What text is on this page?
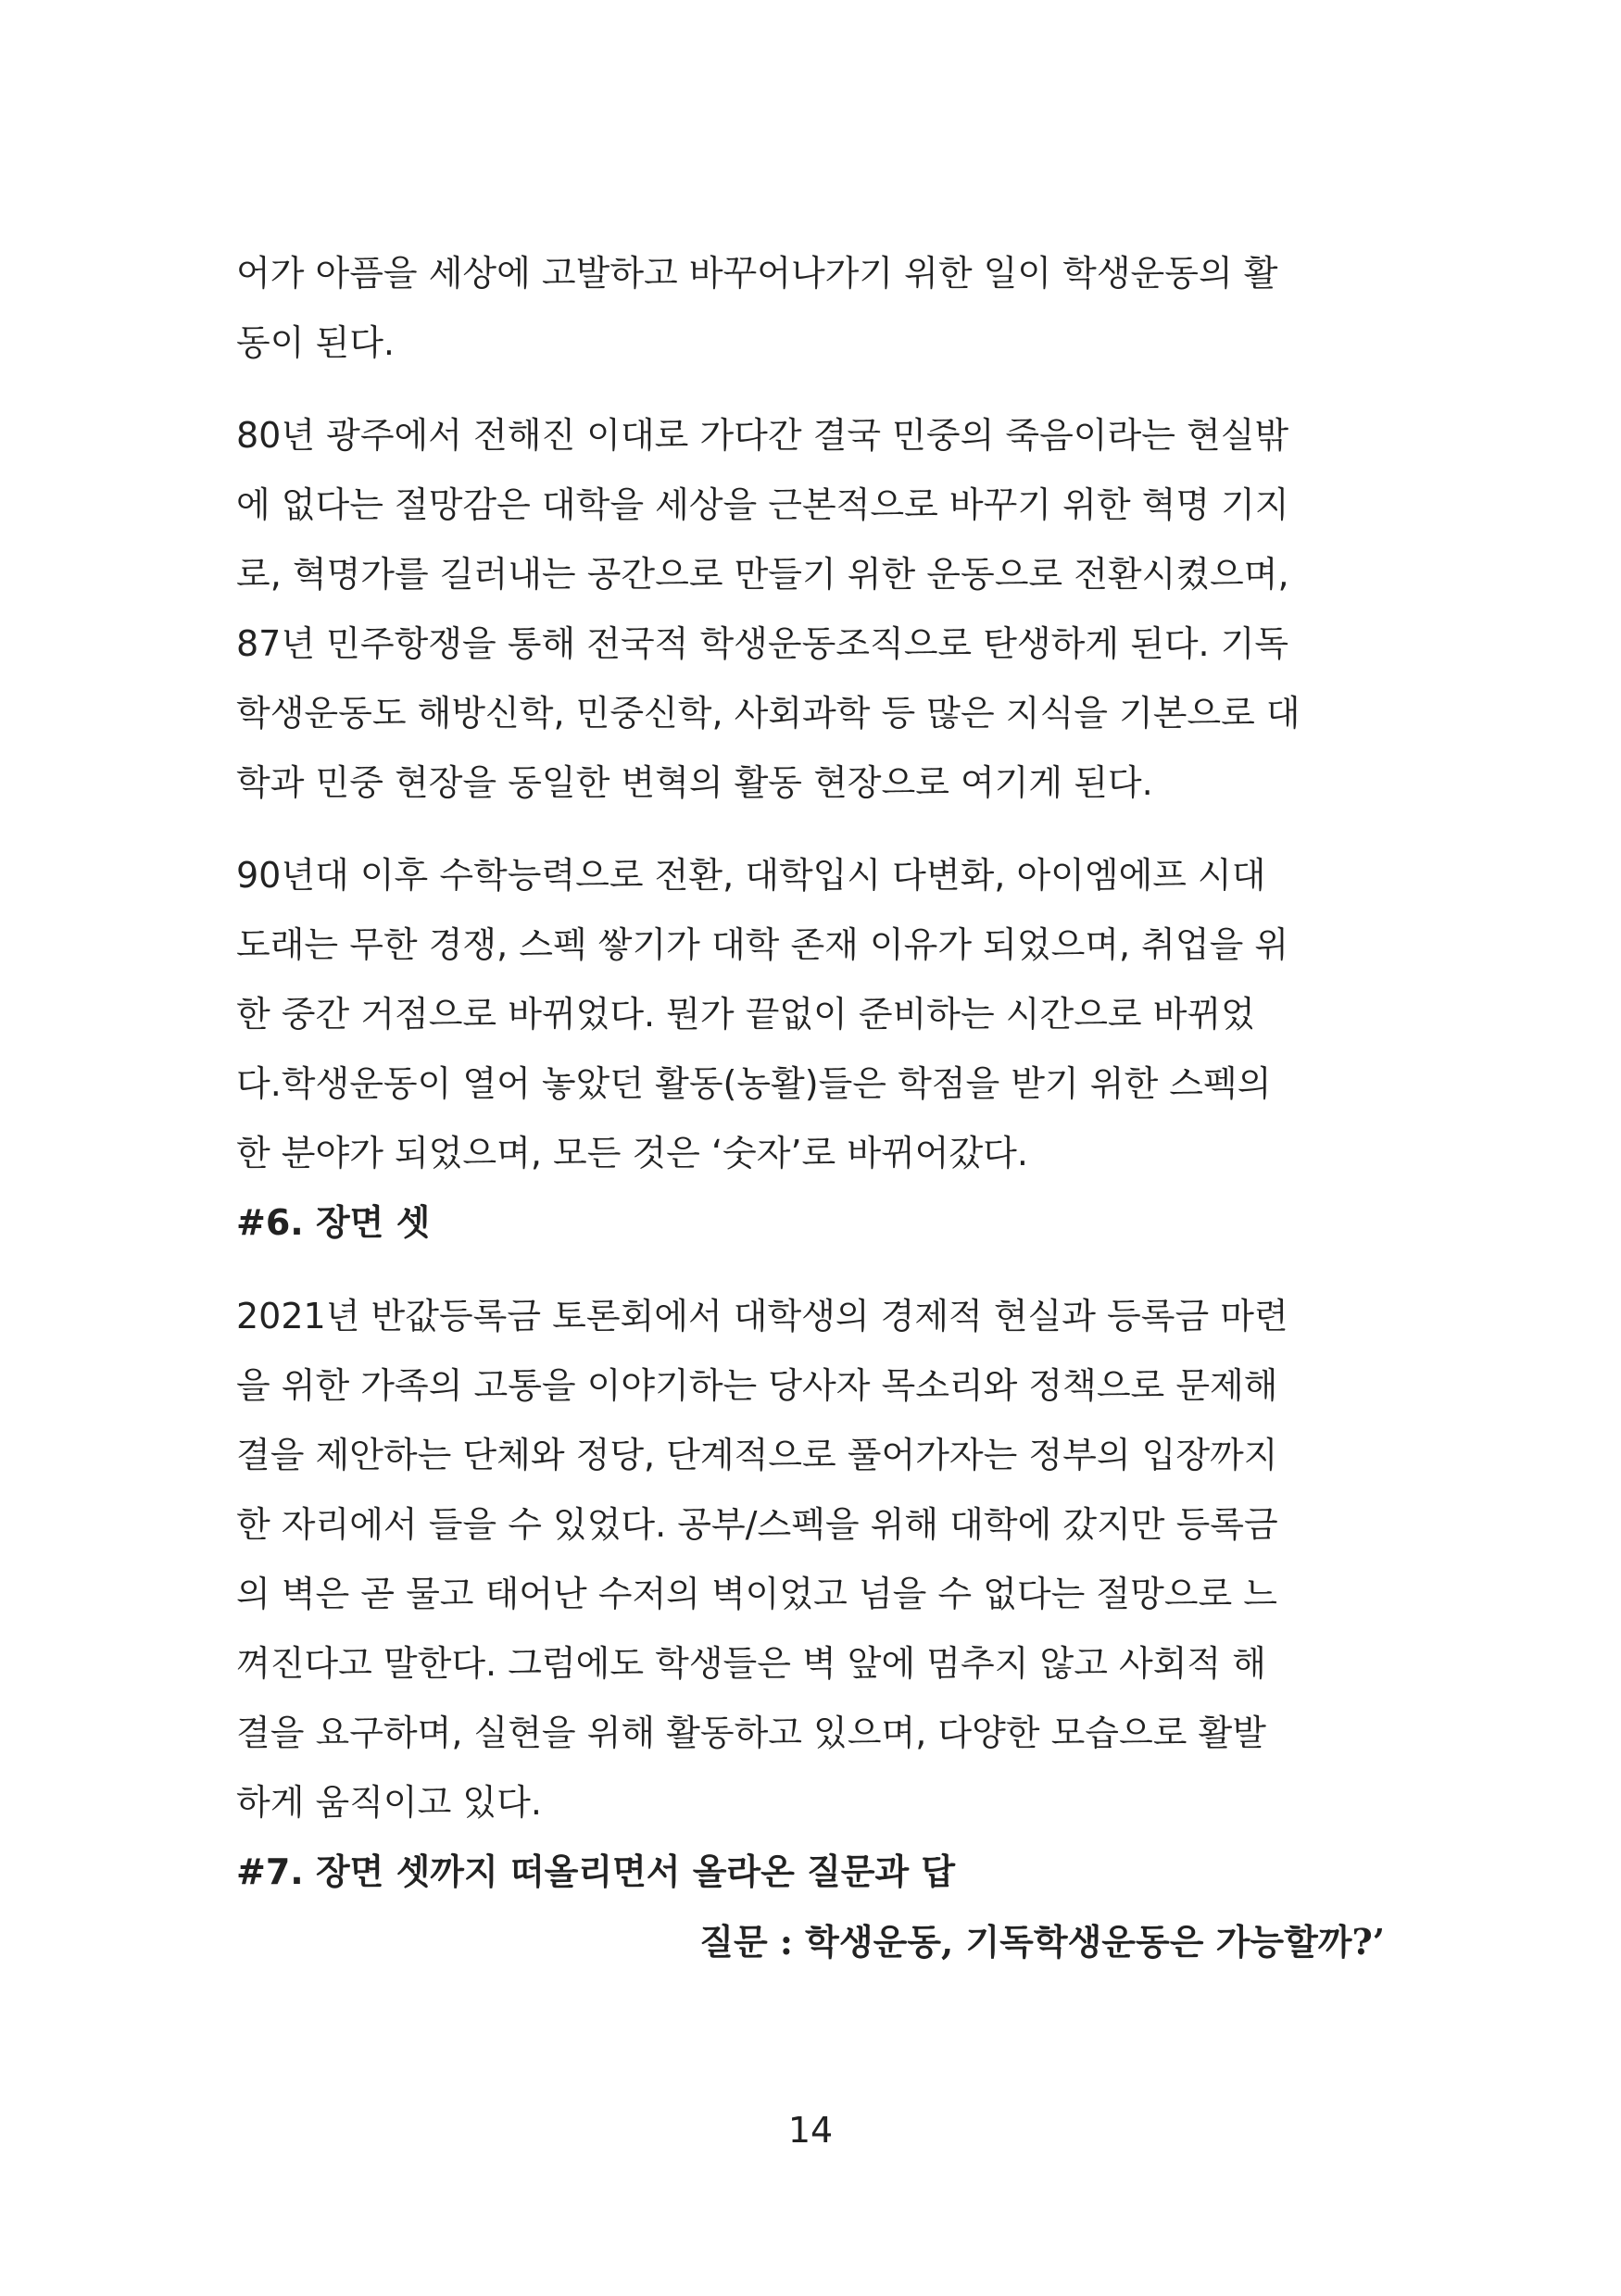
어가 아픔을 세상에 고발하고 바꾸어나가기 위한 일이 학생운동의 활
동이 된다.

80년 광주에서 전해진 이대로 가다간 결국 민중의 죽음이라는 현실밖
에 없다는 절망감은 대학을 세상을 근본적으로 바꾸기 위한 혁명 기지
로, 혁명가를 길러내는 공간으로 만들기 위한 운동으로 전환시켰으며,
87년 민주항쟁을 통해 전국적 학생운동조직으로 탄생하게 된다. 기독
학생운동도 해방신학, 민중신학, 사회과학 등 많은 지식을 기본으로 대
학과 민중 현장을 동일한 변혁의 활동 현장으로 여기게 된다.

90년대 이후 수학능력으로 전환, 대학입시 다변화, 아이엠에프 시대
도래는 무한 경쟁, 스펙 쌓기가 대학 존재 이유가 되었으며, 취업을 위
한 중간 거점으로 바뀌었다. 뭔가 끝없이 준비하는 시간으로 바뀌었
다.학생운동이 열어 놓았던 활동(농활)들은 학점을 받기 위한 스펙의
한 분야가 되었으며, 모든 것은 ‘숫자’로 바뀌어갔다.

#6. 장면 셋

2021년 반값등록금 토론회에서 대학생의 경제적 현실과 등록금 마련
을 위한 가족의 고통을 이야기하는 당사자 목소리와 정책으로 문제해
결을 제안하는 단체와 정당, 단계적으로 풀어가자는 정부의 입장까지
한 자리에서 들을 수 있었다. 공부/스펙을 위해 대학에 갔지만 등록금
의 벽은 곧 물고 태어난 수저의 벽이었고 넘을 수 없다는 절망으로 느
껴진다고 말한다. 그럼에도 학생들은 벽 앞에 멈추지 않고 사회적 해
결을 요구하며, 실현을 위해 활동하고 있으며, 다양한 모습으로 활발
하게 움직이고 있다.

#7. 장면 셋까지 떠올리면서 올라온 질문과 답

질문 : 학생운동, 기독학생운동은 가능할까?’

14
